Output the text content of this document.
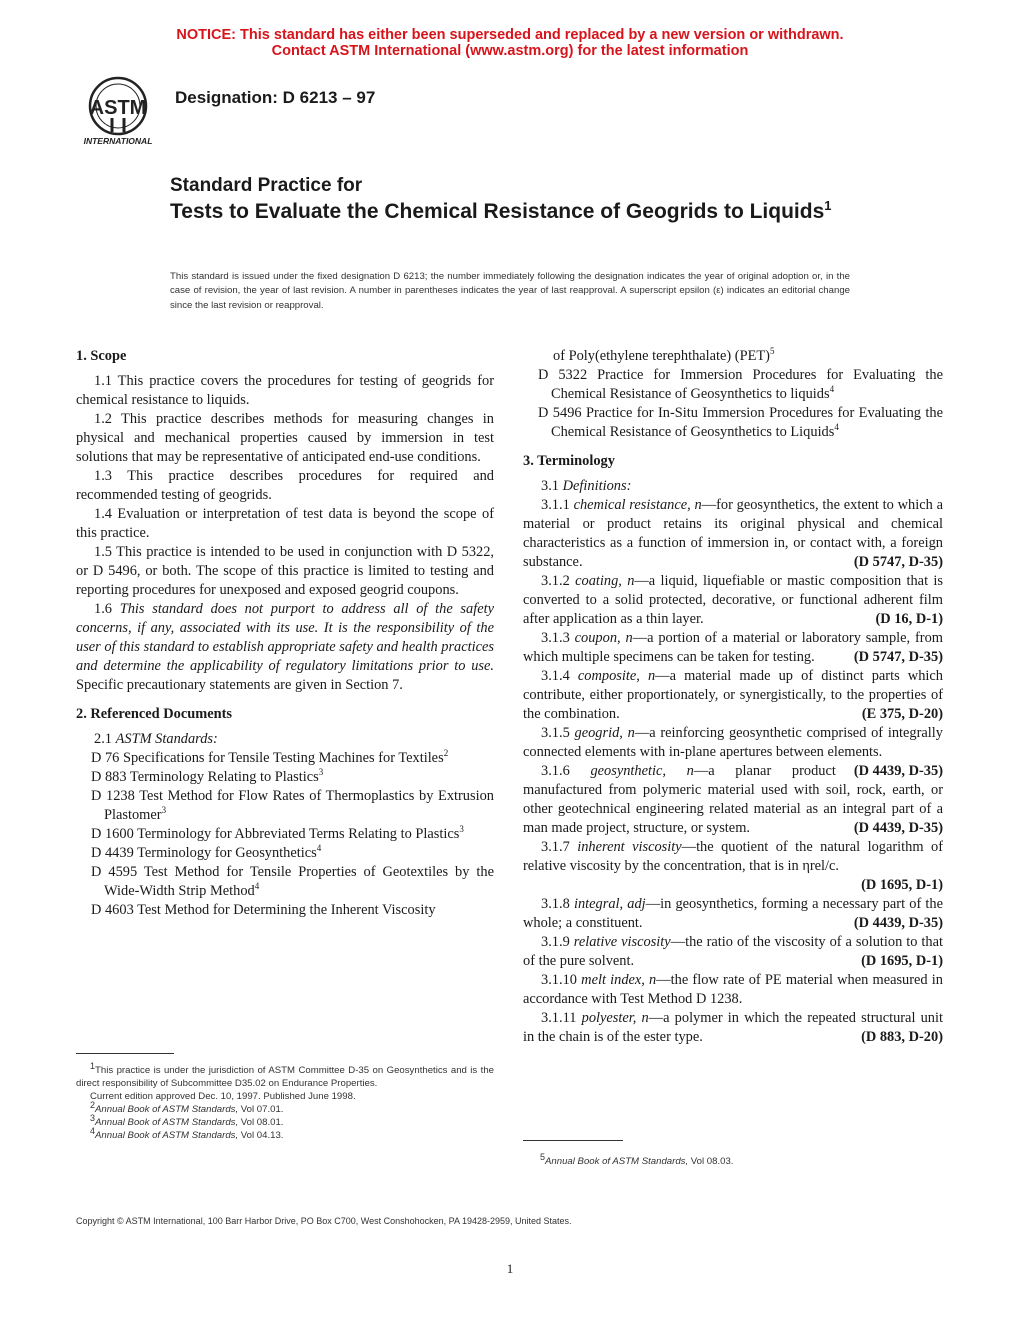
NOTICE: This standard has either been superseded and replaced by a new version or withdrawn.
Contact ASTM International (www.astm.org) for the latest information
ASTM
INTERNATIONAL
Designation: D 6213 – 97
Standard Practice for
Tests to Evaluate the Chemical Resistance of Geogrids to Liquids$^1$
This standard is issued under the fixed designation D 6213; the number immediately following the designation indicates the year of original adoption or, in the case of revision, the year of last revision. A number in parentheses indicates the year of last reapproval. A superscript epsilon (ε) indicates an editorial change since the last revision or reapproval.

1. Scope

1.1 This practice covers the procedures for testing of geogrids for chemical resistance to liquids.

1.2 This practice describes methods for measuring changes in physical and mechanical properties caused by immersion in test solutions that may be representative of anticipated end-use conditions.

1.3 This practice describes procedures for required and recommended testing of geogrids.

1.4 Evaluation or interpretation of test data is beyond the scope of this practice.

1.5 This practice is intended to be used in conjunction with D 5322, or D 5496, or both. The scope of this practice is limited to testing and reporting procedures for unexposed and exposed geogrid coupons.

1.6 This standard does not purport to address all of the safety concerns, if any, associated with its use. It is the responsibility of the user of this standard to establish appropriate safety and health practices and determine the applicability of regulatory limitations prior to use. Specific precautionary statements are given in Section 7.

2. Referenced Documents

2.1 ASTM Standards:

D 76 Specifications for Tensile Testing Machines for Textiles$^2$

D 883 Terminology Relating to Plastics$^3$

D 1238 Test Method for Flow Rates of Thermoplastics by Extrusion Plastomer$^3$

D 1600 Terminology for Abbreviated Terms Relating to Plastics$^3$

D 4439 Terminology for Geosynthetics$^4$

D 4595 Test Method for Tensile Properties of Geotextiles by the Wide-Width Strip Method$^4$

D 4603 Test Method for Determining the Inherent Viscosity

$^1$This practice is under the jurisdiction of ASTM Committee D-35 on Geosynthetics and is the direct responsibility of Subcommittee D35.02 on Endurance Properties.
Current edition approved Dec. 10, 1997. Published June 1998.
$^2$Annual Book of ASTM Standards, Vol 07.01.
$^3$Annual Book of ASTM Standards, Vol 08.01.
$^4$Annual Book of ASTM Standards, Vol 04.13.

of Poly(ethylene terephthalate) (PET)$^5$

D 5322 Practice for Immersion Procedures for Evaluating the Chemical Resistance of Geosynthetics to liquids$^4$

D 5496 Practice for In-Situ Immersion Procedures for Evaluating the Chemical Resistance of Geosynthetics to Liquids$^4$

3. Terminology

3.1 Definitions:

3.1.1 chemical resistance, n—for geosynthetics, the extent to which a material or product retains its original physical and chemical characteristics as a function of immersion in, or contact with, a foreign substance.	(D 5747, D-35)

3.1.2 coating, n—a liquid, liquefiable or mastic composition that is converted to a solid protected, decorative, or functional adherent film after application as a thin layer.	(D 16, D-1)

3.1.3 coupon, n—a portion of a material or laboratory sample, from which multiple specimens can be taken for testing.	(D 5747, D-35)

3.1.4 composite, n—a material made up of distinct parts which contribute, either proportionately, or synergistically, to the properties of the combination.	(E 375, D-20)

3.1.5 geogrid, n—a reinforcing geosynthetic comprised of integrally connected elements with in-plane apertures between elements.
(D 4439, D-35)

3.1.6 geosynthetic, n—a planar product manufactured from polymeric material used with soil, rock, earth, or other geotechnical engineering related material as an integral part of a man made project, structure, or system.	(D 4439, D-35)

3.1.7 inherent viscosity—the quotient of the natural logarithm of relative viscosity by the concentration, that is in ηrel/c.

(D 1695, D-1)

3.1.8 integral, adj—in geosynthetics, forming a necessary part of the whole; a constituent.	(D 4439, D-35)

3.1.9 relative viscosity—the ratio of the viscosity of a solution to that of the pure solvent.	(D 1695, D-1)

3.1.10 melt index, n—the flow rate of PE material when measured in accordance with Test Method D 1238.

3.1.11 polyester, n—a polymer in which the repeated structural unit in the chain is of the ester type.	(D 883, D-20)

$^5$Annual Book of ASTM Standards, Vol 08.03.
Copyright © ASTM International, 100 Barr Harbor Drive, PO Box C700, West Conshohocken, PA 19428-2959, United States.
1
